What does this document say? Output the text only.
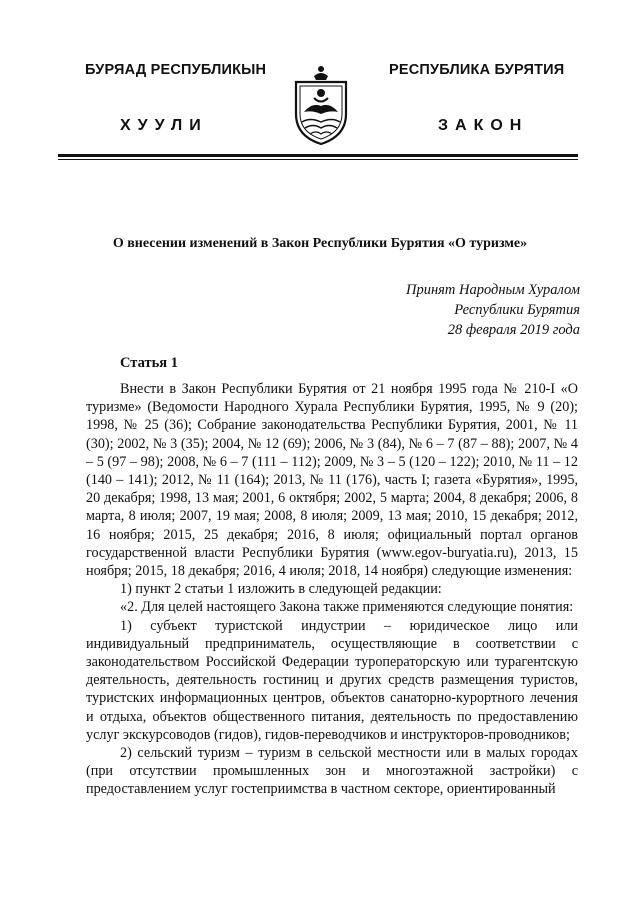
БУРЯАД РЕСПУБЛИКЫН
ХУУЛИ
РЕСПУБЛИКА БУРЯТИЯ
ЗАКОН
О внесении изменений в Закон Республики Бурятия «О туризме»
Принят Народным Хуралом
Республики Бурятия
28 февраля 2019 года
Статья 1

Внести в Закон Республики Бурятия от 21 ноября 1995 года № 210-I «О туризме» (Ведомости Народного Хурала Республики Бурятия, 1995, № 9 (20); 1998, № 25 (36); Собрание законодательства Республики Бурятия, 2001, № 11 (30); 2002, № 3 (35); 2004, № 12 (69); 2006, № 3 (84), № 6 – 7 (87 – 88); 2007, № 4 – 5 (97 – 98); 2008, № 6 – 7 (111 – 112); 2009, № 3 – 5 (120 – 122); 2010, № 11 – 12 (140 – 141); 2012, № 11 (164); 2013, № 11 (176), часть I; газета «Бурятия», 1995, 20 декабря; 1998, 13 мая; 2001, 6 октября; 2002, 5 марта; 2004, 8 декабря; 2006, 8 марта, 8 июля; 2007, 19 мая; 2008, 8 июля; 2009, 13 мая; 2010, 15 декабря; 2012, 16 ноября; 2015, 25 декабря; 2016, 8 июля; официальный портал органов государственной власти Республики Бурятия (www.egov-buryatia.ru), 2013, 15 ноября; 2015, 18 декабря; 2016, 4 июля; 2018, 14 ноября) следующие изменения:

1) пункт 2 статьи 1 изложить в следующей редакции:

«2. Для целей настоящего Закона также применяются следующие понятия:

1) субъект туристской индустрии – юридическое лицо или индивидуальный предприниматель, осуществляющие в соответствии с законодательством Российской Федерации туроператорскую или турагентскую деятельность, деятельность гостиниц и других средств размещения туристов, туристских информационных центров, объектов санаторно-курортного лечения и отдыха, объектов общественного питания, деятельность по предоставлению услуг экскурсоводов (гидов), гидов-переводчиков и инструкторов-проводников;

2) сельский туризм – туризм в сельской местности или в малых городах (при отсутствии промышленных зон и многоэтажной застройки) с предоставлением услуг гостеприимства в частном секторе, ориентированный
